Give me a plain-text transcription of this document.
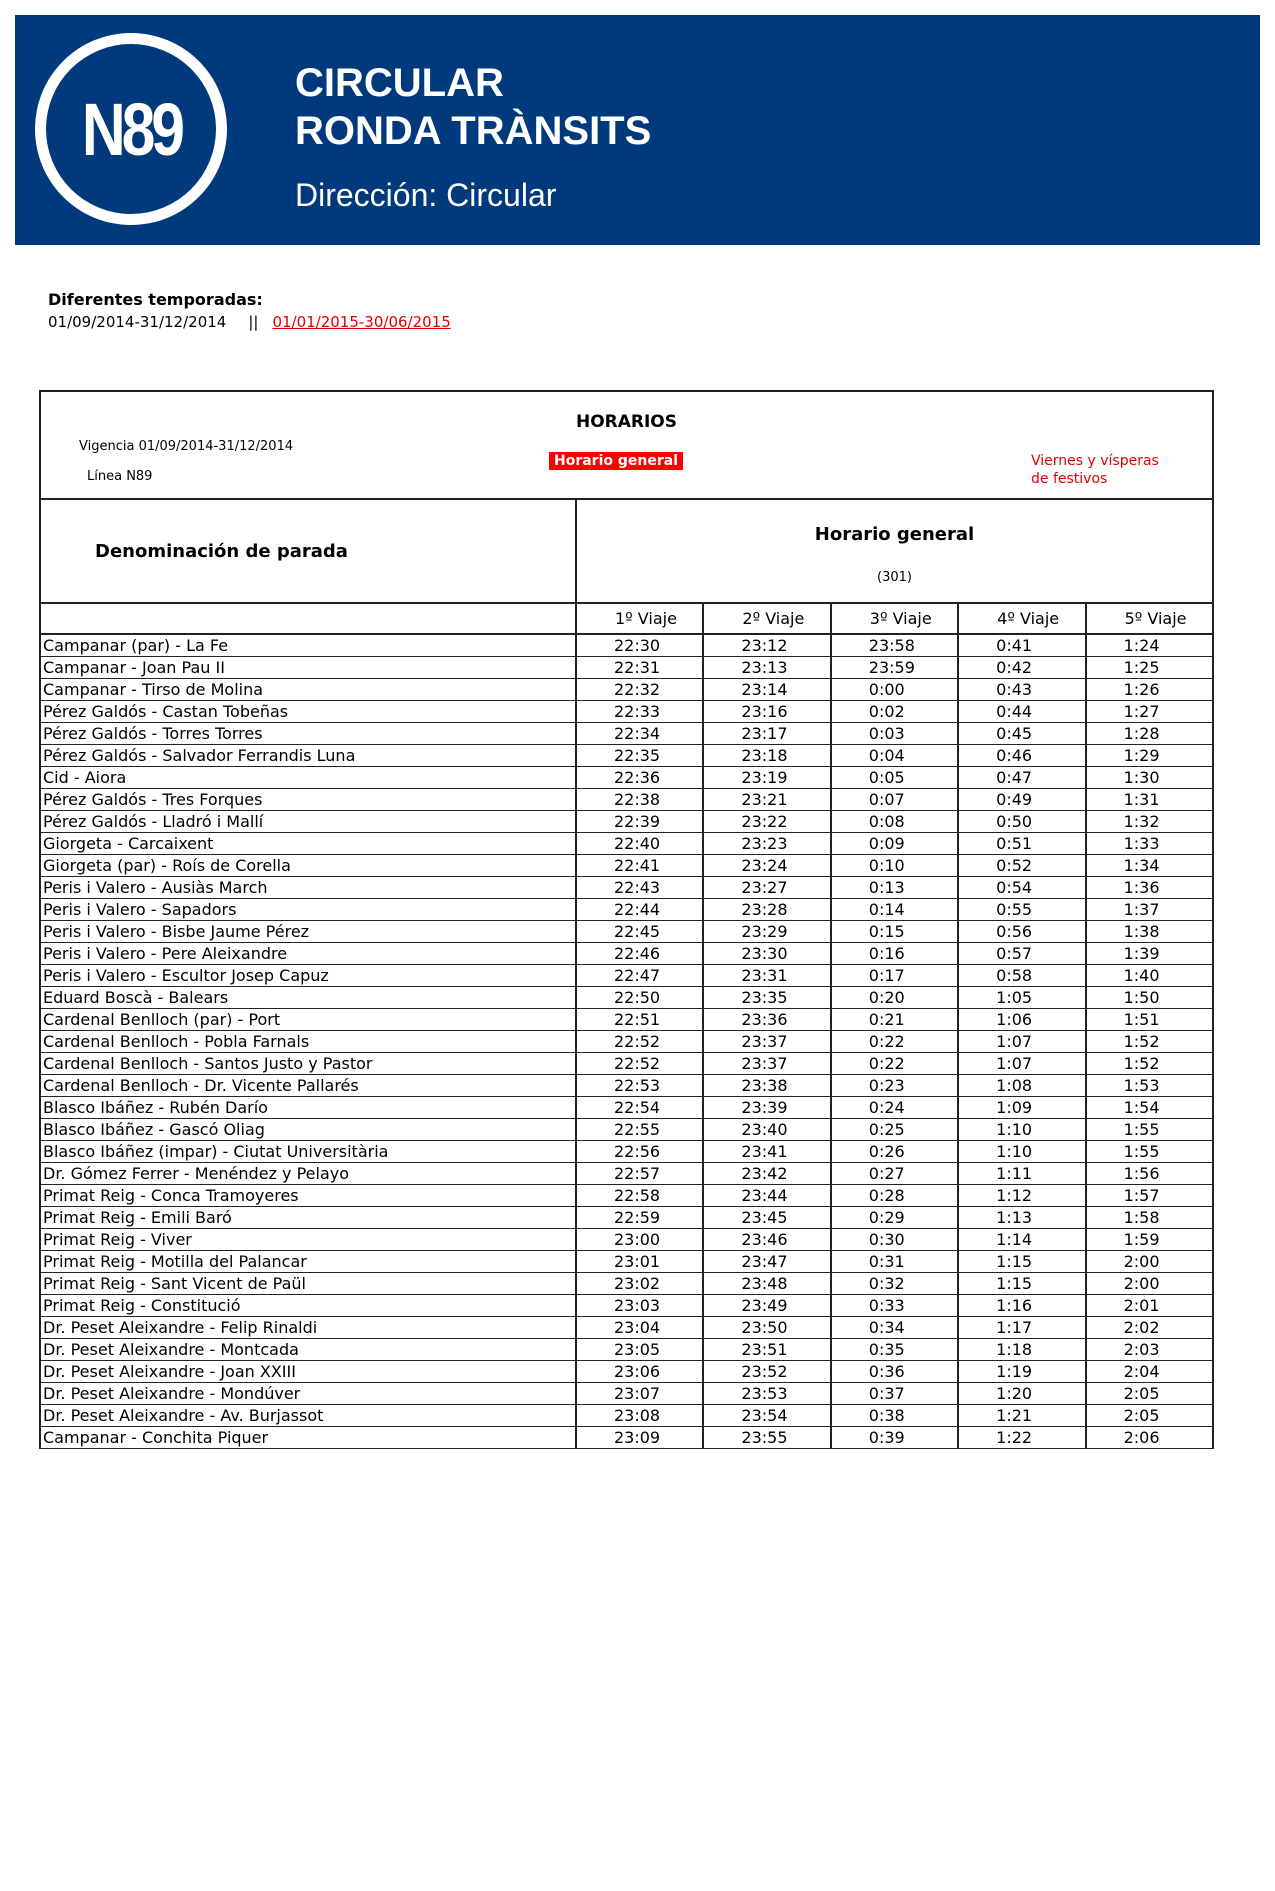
N89
CIRCULAR
RONDA TRÀNSITS
Dirección: Circular
Diferentes temporadas:
01/09/2014-31/12/2014 || 01/01/2015-30/06/2015
HORARIOS
Vigencia 01/09/2014-31/12/2014
Línea N89
Horario general	Viernes y vísperas
de festivos

Denominación de parada	Horario general
(301)				

	1º Viaje	2º Viaje	3º Viaje	4º Viaje	5º Viaje
Campanar (par) - La Fe	22:30	23:12	23:58	0:41	1:24
Campanar - Joan Pau II	22:31	23:13	23:59	0:42	1:25
Campanar - Tirso de Molina	22:32	23:14	0:00	0:43	1:26
Pérez Galdós - Castan Tobeñas	22:33	23:16	0:02	0:44	1:27
Pérez Galdós - Torres Torres	22:34	23:17	0:03	0:45	1:28
Pérez Galdós - Salvador Ferrandis Luna	22:35	23:18	0:04	0:46	1:29
Cid - Aiora	22:36	23:19	0:05	0:47	1:30
Pérez Galdós - Tres Forques	22:38	23:21	0:07	0:49	1:31
Pérez Galdós - Lladró i Mallí	22:39	23:22	0:08	0:50	1:32
Giorgeta - Carcaixent	22:40	23:23	0:09	0:51	1:33
Giorgeta (par) - Roís de Corella	22:41	23:24	0:10	0:52	1:34
Peris i Valero - Ausiàs March	22:43	23:27	0:13	0:54	1:36
Peris i Valero - Sapadors	22:44	23:28	0:14	0:55	1:37
Peris i Valero - Bisbe Jaume Pérez	22:45	23:29	0:15	0:56	1:38
Peris i Valero - Pere Aleixandre	22:46	23:30	0:16	0:57	1:39
Peris i Valero - Escultor Josep Capuz	22:47	23:31	0:17	0:58	1:40
Eduard Boscà - Balears	22:50	23:35	0:20	1:05	1:50
Cardenal Benlloch (par) - Port	22:51	23:36	0:21	1:06	1:51
Cardenal Benlloch - Pobla Farnals	22:52	23:37	0:22	1:07	1:52
Cardenal Benlloch - Santos Justo y Pastor	22:52	23:37	0:22	1:07	1:52
Cardenal Benlloch - Dr. Vicente Pallarés	22:53	23:38	0:23	1:08	1:53
Blasco Ibáñez - Rubén Darío	22:54	23:39	0:24	1:09	1:54
Blasco Ibáñez - Gascó Oliag	22:55	23:40	0:25	1:10	1:55
Blasco Ibáñez (impar) - Ciutat Universitària	22:56	23:41	0:26	1:10	1:55
Dr. Gómez Ferrer - Menéndez y Pelayo	22:57	23:42	0:27	1:11	1:56
Primat Reig - Conca Tramoyeres	22:58	23:44	0:28	1:12	1:57
Primat Reig - Emili Baró	22:59	23:45	0:29	1:13	1:58
Primat Reig - Viver	23:00	23:46	0:30	1:14	1:59
Primat Reig - Motilla del Palancar	23:01	23:47	0:31	1:15	2:00
Primat Reig - Sant Vicent de Paül	23:02	23:48	0:32	1:15	2:00
Primat Reig - Constitució	23:03	23:49	0:33	1:16	2:01
Dr. Peset Aleixandre - Felip Rinaldi	23:04	23:50	0:34	1:17	2:02
Dr. Peset Aleixandre - Montcada	23:05	23:51	0:35	1:18	2:03
Dr. Peset Aleixandre - Joan XXIII	23:06	23:52	0:36	1:19	2:04
Dr. Peset Aleixandre - Mondúver	23:07	23:53	0:37	1:20	2:05
Dr. Peset Aleixandre - Av. Burjassot	23:08	23:54	0:38	1:21	2:05
Campanar - Conchita Piquer	23:09	23:55	0:39	1:22	2:06
